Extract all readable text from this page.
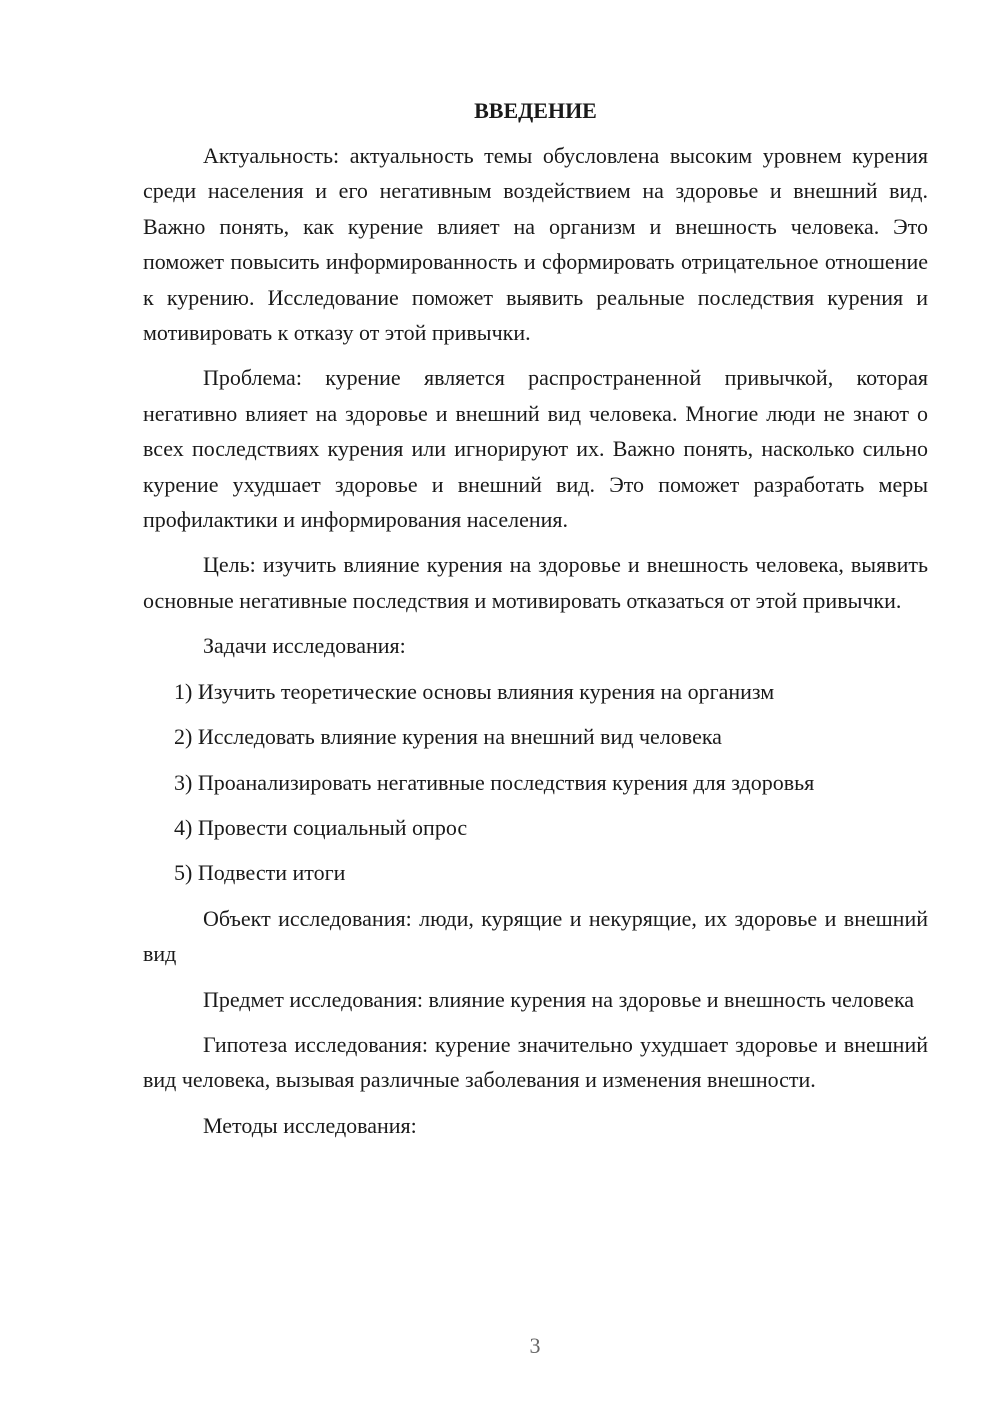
ВВЕДЕНИЕ

Актуальность: актуальность темы обусловлена высоким уровнем курения среди населения и его негативным воздействием на здоровье и внешний вид. Важно понять, как курение влияет на организм и внешность человека. Это поможет повысить информированность и сформировать отрицательное отношение к курению. Исследование поможет выявить реальные последствия курения и мотивировать к отказу от этой привычки.

Проблема: курение является распространенной привычкой, которая негативно влияет на здоровье и внешний вид человека. Многие люди не знают о всех последствиях курения или игнорируют их. Важно понять, насколько сильно курение ухудшает здоровье и внешний вид. Это поможет разработать меры профилактики и информирования населения.

Цель: изучить влияние курения на здоровье и внешность человека, выявить основные негативные последствия и мотивировать отказаться от этой привычки.

Задачи исследования:

1) Изучить теоретические основы влияния курения на организм

2) Исследовать влияние курения на внешний вид человека

3) Проанализировать негативные последствия курения для здоровья

4) Провести социальный опрос

5) Подвести итоги

Объект исследования: люди, курящие и некурящие, их здоровье и внешний вид

Предмет исследования: влияние курения на здоровье и внешность человека

Гипотеза исследования: курение значительно ухудшает здоровье и внешний вид человека, вызывая различные заболевания и изменения внешности.

Методы исследования:

3
